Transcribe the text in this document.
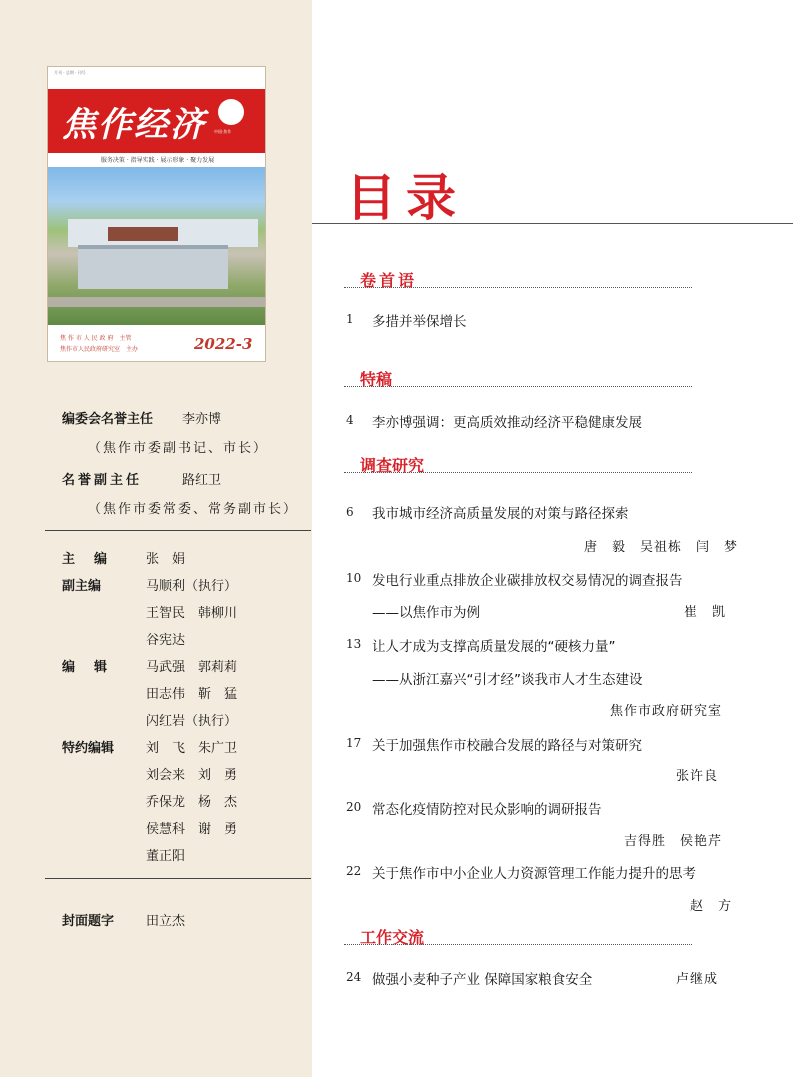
月刊 · 总期 · 刊号
焦作经济 中国·焦作
服务决策 · 指导实践 · 展示形象 · 聚力发展
焦 作 市 人 民 政 府　主管
焦作市人民政府研究室　主办	2022-3
编委会名誉主任 李亦博
（焦作市委副书记、市长）
名誉副主任	路红卫
（焦作市委常委、常务副市长）
主　编	张　娟
副主编	马顺利（执行）
王智民　韩柳川
谷宪达
编　辑	马武强　郭莉莉
田志伟　靳　猛
闪红岩（执行）
特约编辑 刘　飞　朱广卫
刘会来　刘　勇
乔保龙　杨　杰
侯慧科　谢　勇
董正阳
封面题字 田立杰
目录
卷首语
1 多措并举保增长
特稿
4 李亦博强调：更高质效推动经济平稳健康发展
调查研究
6 我市城市经济高质量发展的对策与路径探索
唐　毅　吴祖栋　闫　梦
10 发电行业重点排放企业碳排放权交易情况的调查报告
——以焦作市为例	崔　凯
13 让人才成为支撑高质量发展的“硬核力量”
——从浙江嘉兴“引才经”谈我市人才生态建设
焦作市政府研究室
17 关于加强焦作市校融合发展的路径与对策研究
张许良
20 常态化疫情防控对民众影响的调研报告
吉得胜　侯艳芹
22 关于焦作市中小企业人力资源管理工作能力提升的思考
赵　方
工作交流
24 做强小麦种子产业 保障国家粮食安全	卢继成
